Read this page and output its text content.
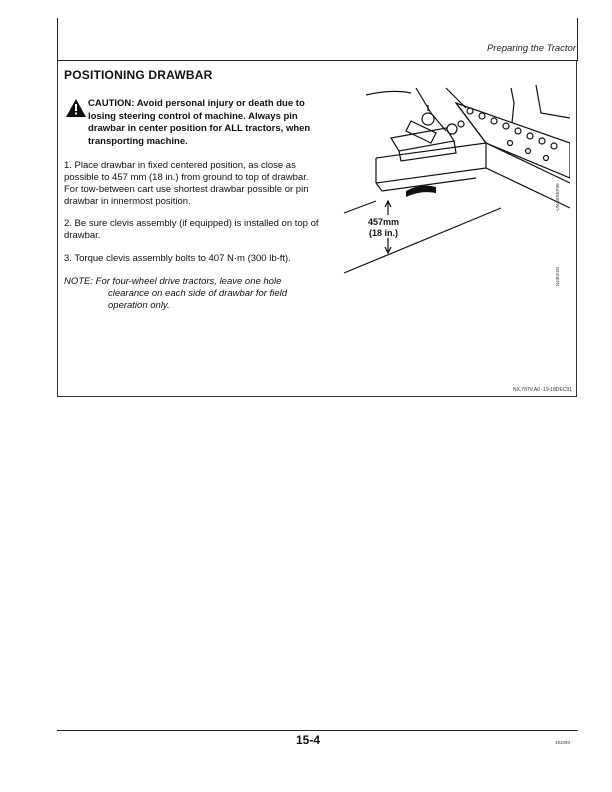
Preparing the Tractor
POSITIONING DRAWBAR
CAUTION: Avoid personal injury or death due to losing steering control of machine. Always pin drawbar in center position for ALL tractors, when transporting machine.
1. Place drawbar in fixed centered position, as close as possible to 457 mm (18 in.) from ground to top of drawbar. For tow-between cart use shortest drawbar possible or pin drawbar in innermost position.
2. Be sure clevis assembly (if equipped) is installed on top of drawbar.
3. Torque clevis assembly bolts to 407 N·m (300 lb-ft).
NOTE: For four-wheel drive tractors, leave one hole clearance on each side of drawbar for field operation only.
457mm
(18 in.)
-UN-28SEP90
N43074N
NX,787V,A0 -19-18DEC91
15-4	191093
